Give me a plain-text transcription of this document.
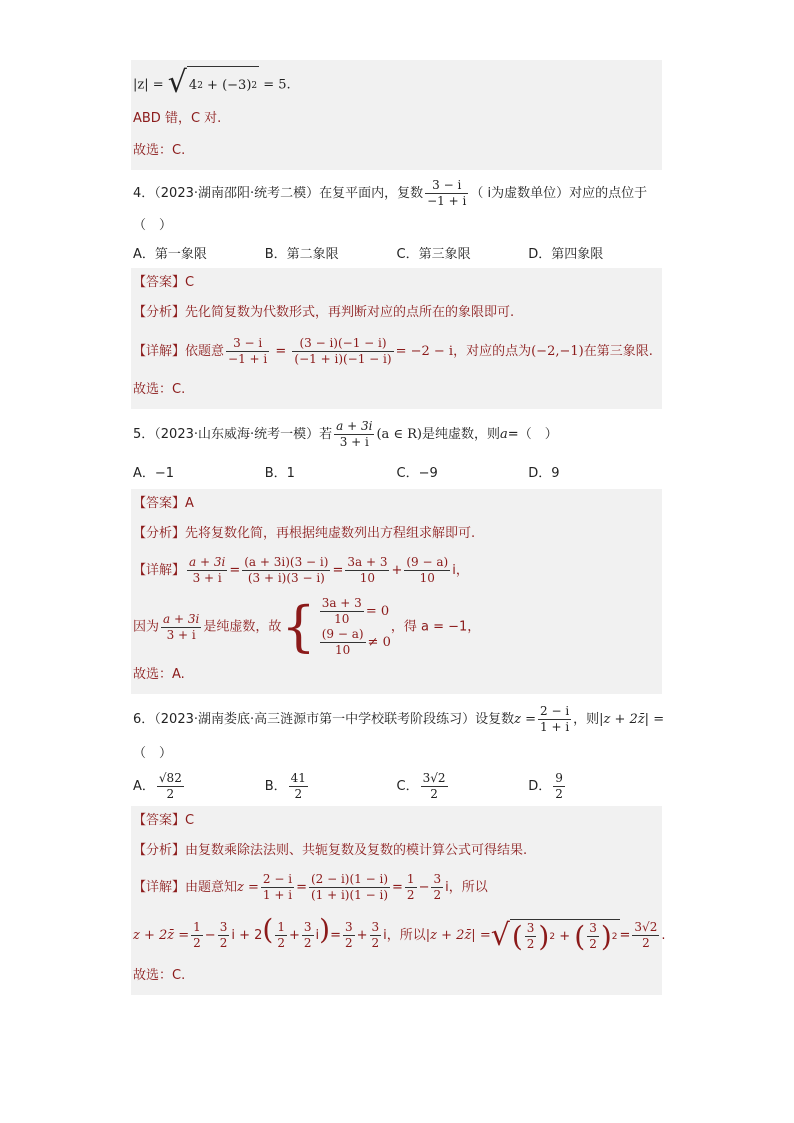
|z| = √ 4 2 + (−3) 2 = 5.
ABD 错，C 对.
故选：C.
4．（2023·湖南邵阳·统考二模）在复平面内，复数 $\frac{3 - i}{-1 + i}$ （ i为虚数单位）对应的点位于
（　）
A．第一象限	B．第二象限	C．第三象限	D．第四象限
【答案】C
【分析】先化简复数为代数形式，再判断对应的点所在的象限即可.
【详解】依题意 $\frac{3 - i}{-1 + i} = \frac{(3 - i)(-1 - i)}{(-1 + i)(-1 - i)} = -2 - i$，对应的点为(−2,−1)在第三象限.
故选：C.
5．（2023·山东威海·统考一模）若 $\frac{a + 3i}{3 + i} (a$ ∈ R)是纯虚数，则a=（　）
A．−1	B．1	C．−9	D．9
【答案】A
【分析】先将复数化简，再根据纯虚数列出方程组求解即可.
【详解】 $\frac{a + 3i}{3 + i} = \frac{(a + 3i)(3 - i)}{(3 + i)(3 - i)} = \frac{3a + 3}{10} + \frac{(9 - a)}{10}$ i，
因为 $\frac{a + 3i}{3 + i}$ 是纯虚数，故 { $\frac{3a + 3}{10} = 0$
$\frac{(9 - a)}{10} \ne 0$
，得 a = −1，
故选：A.
6．（2023·湖南娄底·高三涟源市第一中学校联考阶段练习）设复数$z = \frac{2 - i}{1 + i}$ ，则|z + 2z̄| =
（　）
A． $\frac{√82}{2}$	B． $\frac{41}{2}$	C． $\frac{3√2}{2}$	D． $\frac{9}{2}$
【答案】C
【分析】由复数乘除法法则、共轭复数及复数的模计算公式可得结果.
【详解】由题意知$z = \frac{2 - i}{1 + i} = \frac{(2 - i)(1 - i)}{(1 + i)(1 - i)} = \frac{1}{2} - \frac{3}{2}$ i，所以
z + 2z̄ = $\frac{1}{2} - \frac{3}{2}$ $i + 2( \frac{1}{2} + \frac{3}{2} i)= \frac{3}{2} + \frac{3}{2}$ i，所以|z + 2z̄| = √ ( $\frac{3}{2}$ ) 2 + ( $\frac{3}{2}$ ) $2 = \frac{3√2}{2}$ .
故选：C.
